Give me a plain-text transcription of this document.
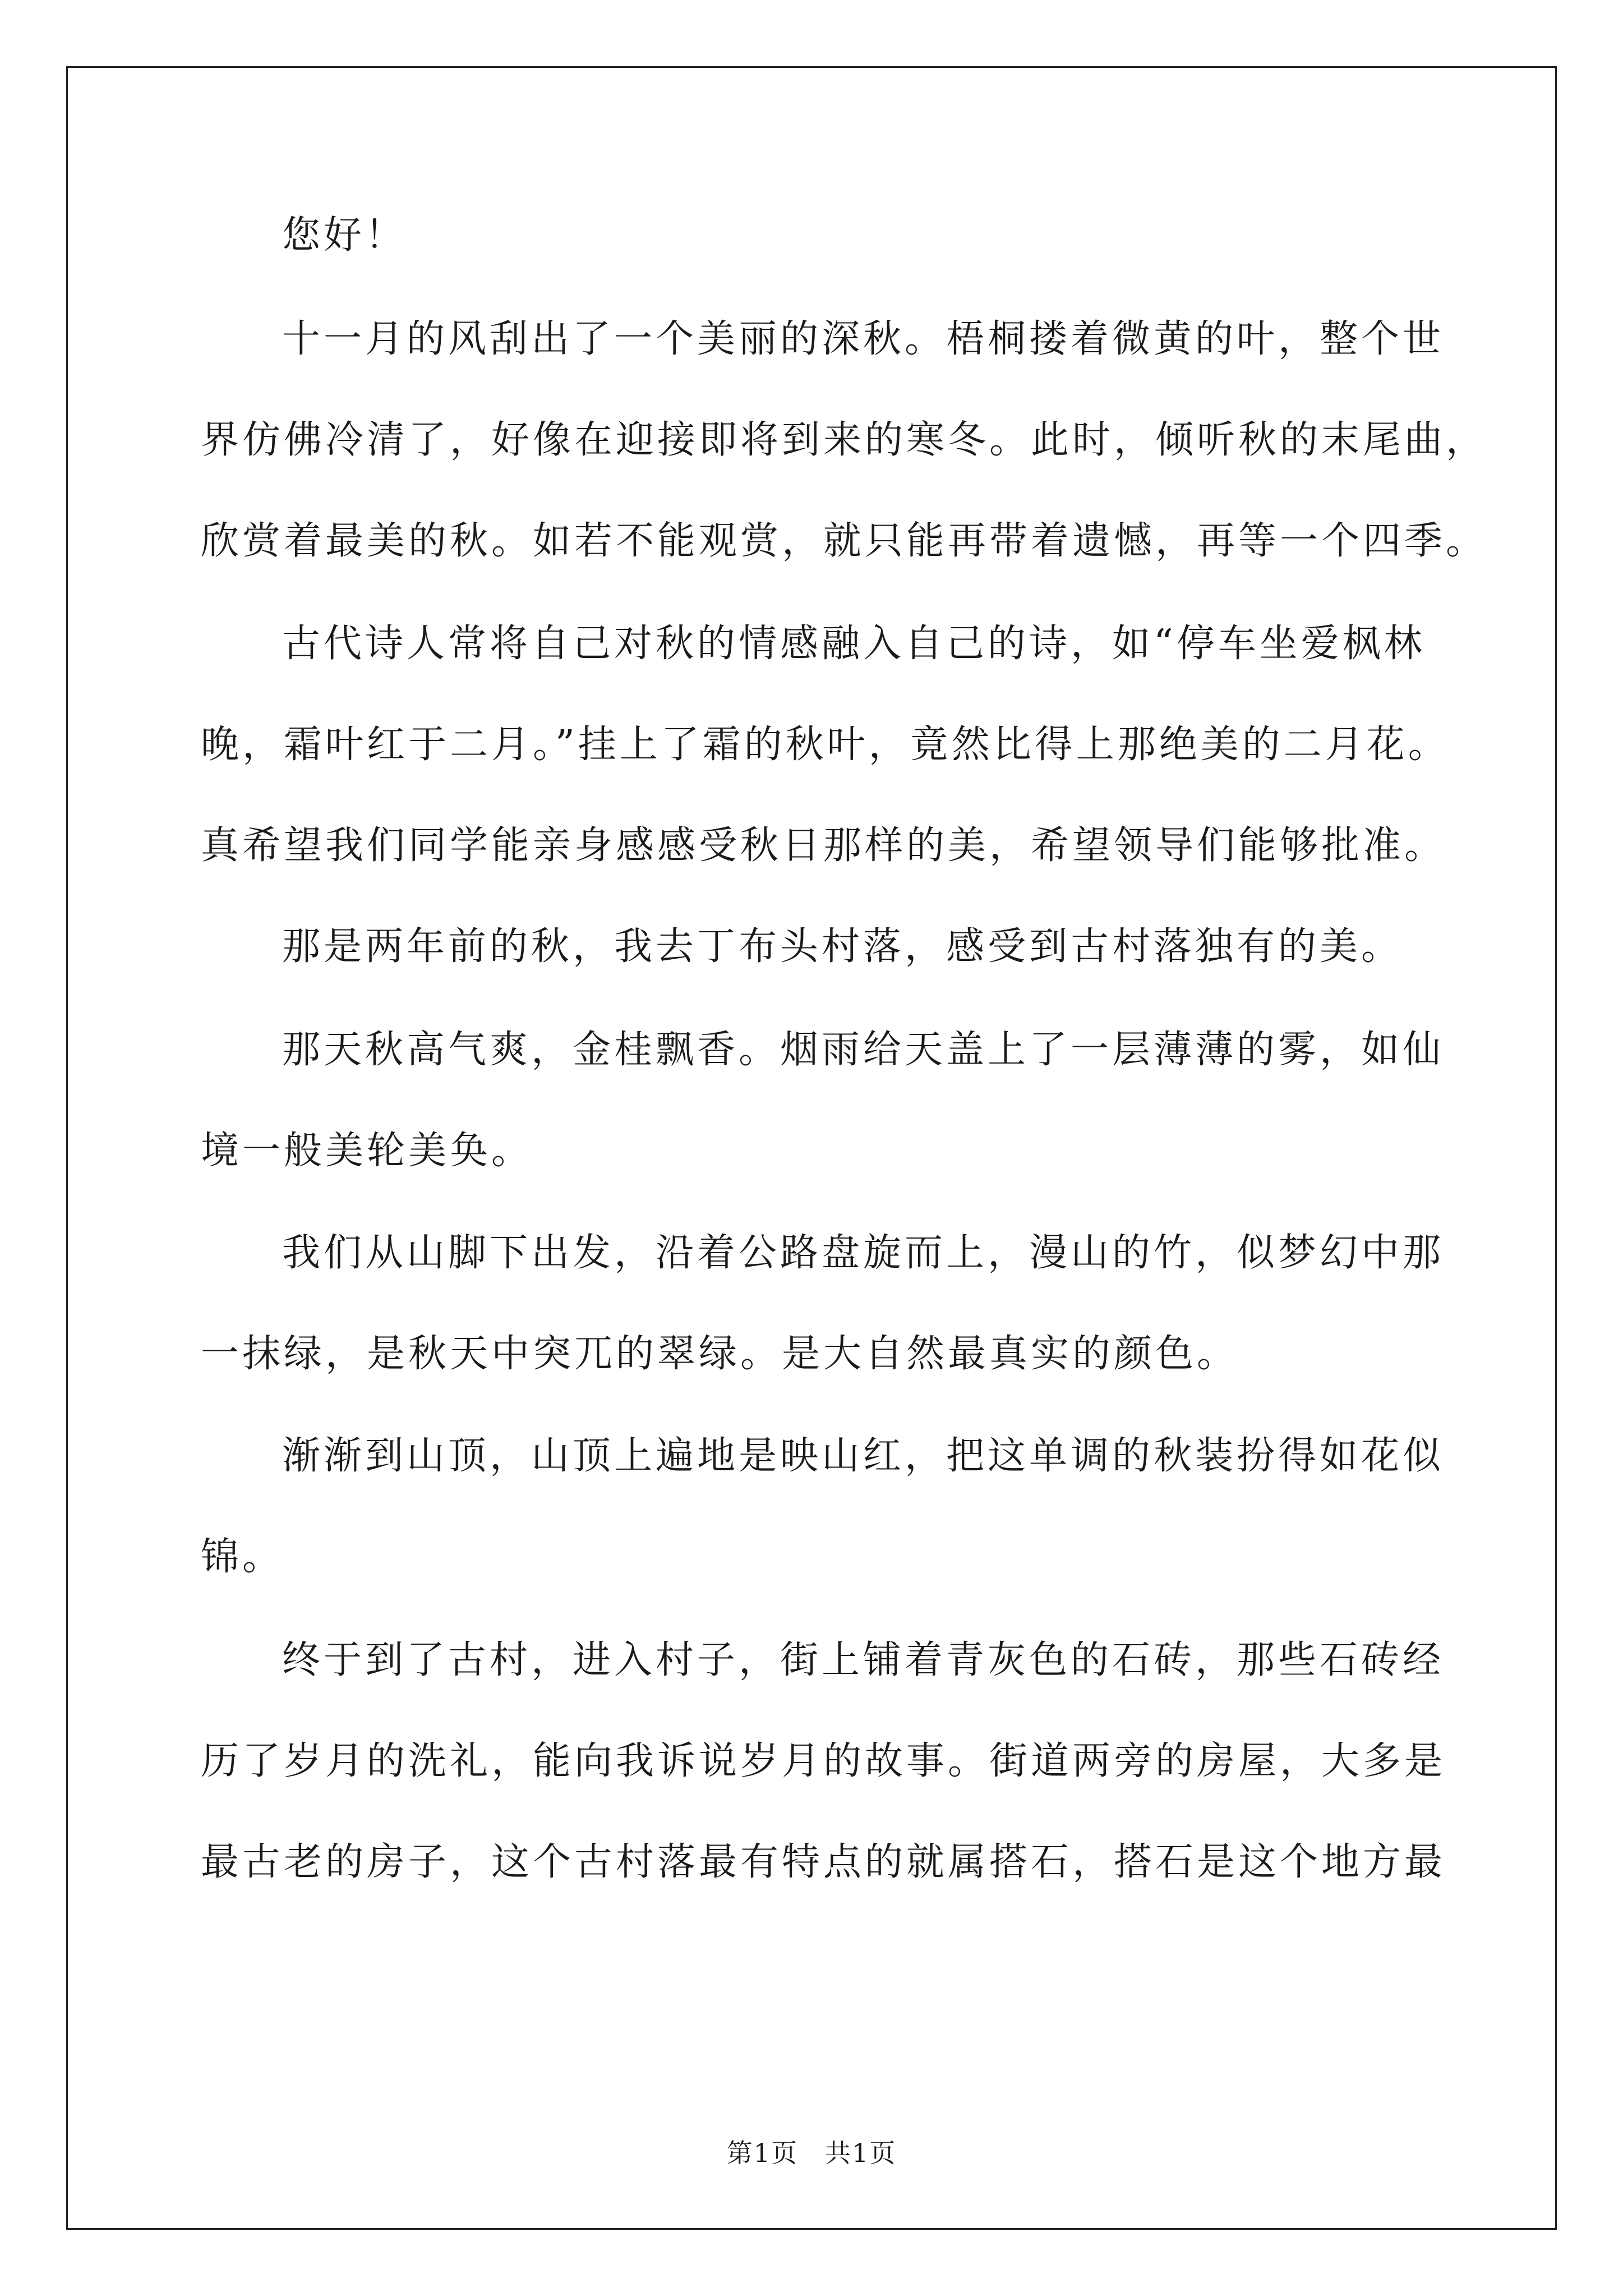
您好！
十一月的风刮出了一个美丽的深秋。梧桐搂着微黄的叶，整个世
界仿佛冷清了，好像在迎接即将到来的寒冬。此时，倾听秋的末尾曲，
欣赏着最美的秋。如若不能观赏，就只能再带着遗憾，再等一个四季。
古代诗人常将自己对秋的情感融入自己的诗，如“停车坐爱枫林
晚，霜叶红于二月。”挂上了霜的秋叶，竟然比得上那绝美的二月花。
真希望我们同学能亲身感感受秋日那样的美，希望领导们能够批准。
那是两年前的秋，我去丁布头村落，感受到古村落独有的美。
那天秋高气爽，金桂飘香。烟雨给天盖上了一层薄薄的雾，如仙
境一般美轮美奂。
我们从山脚下出发，沿着公路盘旋而上，漫山的竹，似梦幻中那
一抹绿，是秋天中突兀的翠绿。是大自然最真实的颜色。
渐渐到山顶，山顶上遍地是映山红，把这单调的秋装扮得如花似
锦。
终于到了古村，进入村子，街上铺着青灰色的石砖，那些石砖经
历了岁月的洗礼，能向我诉说岁月的故事。街道两旁的房屋，大多是
最古老的房子，这个古村落最有特点的就属搭石，搭石是这个地方最
第1页　共1页
